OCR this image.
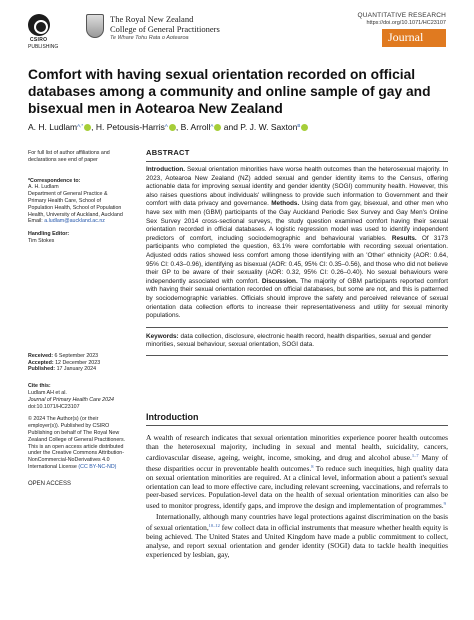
CSIRO
PUBLISHING
The Royal New Zealand
College of General Practitioners
Te Whare Tohu Rata o Aotearoa
QUANTITATIVE RESEARCH
https://doi.org/10.1071/HC23107
Journal
Comfort with having sexual orientation recorded on official databases among a community and online sample of gay and bisexual men in Aotearoa New Zealand
A. H. Ludlam$^{A,*}$ , H. Petousis-Harris$^A$ , B. Arroll$^A$ and P. J. W. Saxton$^B$
For full list of author affiliations and declarations see end of paper
*Correspondence to:
A. H. Ludlam
Department of General Practice & Primary Health Care, School of Population Health, School of Population Health, University of Auckland, Auckland
Email: a.ludlam@auckland.ac.nz
Handling Editor:
Tim Stokes
Received: 6 September 2023
Accepted: 12 December 2023
Published: 17 January 2024
Cite this:
Ludlam AH et al.
Journal of Primary Health Care 2024
doi:10.1071/HC23107
© 2024 The Author(s) (or their employer(s)). Published by CSIRO Publishing on behalf of The Royal New Zealand College of General Practitioners.
This is an open access article distributed under the Creative Commons Attribution-NonCommercial-NoDerivatives 4.0 International License (CC BY-NC-ND)
OPEN ACCESS
ABSTRACT
Introduction. Sexual orientation minorities have worse health outcomes than the heterosexual majority. In 2023, Aotearoa New Zealand (NZ) added sexual and gender identity items to the Census, offering actionable data for improving sexual identity and gender identity (SOGI) community health. However, this also raises questions about individuals' willingness to provide such information to Government and their comfort with data privacy and governance. Methods. Using data from gay, bisexual, and other men who have sex with men (GBM) participants of the Gay Auckland Periodic Sex Survey and Gay Men's Online Sex Survey 2014 cross-sectional surveys, the study question examined comfort having their sexual orientation recorded in official databases. A logistic regression model was used to identify independent predictors of comfort, including sociodemographic and behavioural variables. Results. Of 3173 participants who completed the question, 63.1% were comfortable with recording sexual orientation. Adjusted odds ratios showed less comfort among those identifying with an 'Other' ethnicity (AOR: 0.64, 95% CI: 0.43–0.96), identifying as bisexual (AOR: 0.45, 95% CI: 0.35–0.56), and those who did not believe their GP to be aware of their sexuality (AOR: 0.32, 95% CI: 0.26–0.40). No sexual behaviours were independently associated with comfort. Discussion. The majority of GBM participants reported comfort with having their sexual orientation recorded on official databases, but some are not, and this is patterned by sociodemographic variables. Officials should improve the safety and perceived relevance of sexual orientation data collection efforts to increase their representativeness and utility for sexual minority populations.
Keywords: data collection, disclosure, electronic health record, health disparities, sexual and gender minorities, sexual behaviour, sexual orientation, SOGI data.
Introduction

A wealth of research indicates that sexual orientation minorities experience poorer health outcomes than the heterosexual majority, including in sexual and mental health, suicidality, cancers, cardiovascular disease, ageing, weight, income, smoking, and drug and alcohol abuse.$^{1-7}$ Many of these disparities occur in preventable health outcomes.$^8$ To reduce such inequities, high quality data on sexual orientation minorities are required. At a clinical level, information about a patient's sexual orientation can lead to more effective care, including relevant screening, vaccinations, and referrals to peer-based services. Population-level data on the health of sexual orientation minorities can also be used to monitor progress, identify gaps, and improve the design and implementation of programmes.$^9$

Internationally, although many countries have legal protections against discrimination on the basis of sexual orientation,$^{10-12}$ few collect data in official instruments that measure whether health equity is being achieved. The United States and United Kingdom have made a public commitment to collect, analyse, and report sexual orientation and gender identity (SOGI) data to tackle health inequities experienced by lesbian, gay,
